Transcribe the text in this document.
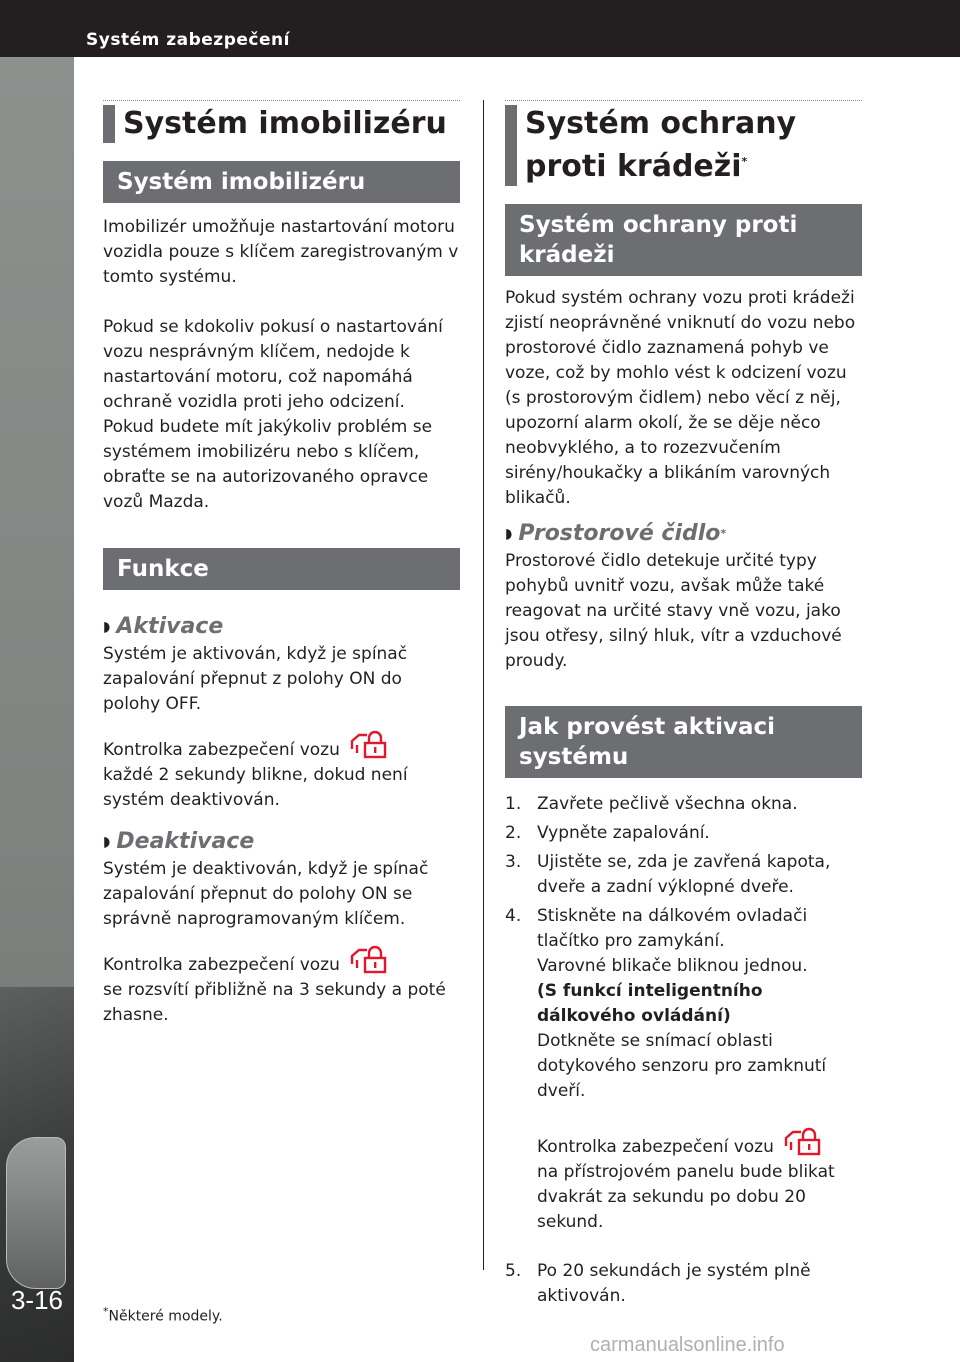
Systém zabezpečení
3-16
Systém imobilizéru
Systém imobilizéru

Imobilizér umožňuje nastartování motoru vozidla pouze s klíčem zaregistrovaným v tomto systému.

Pokud se kdokoliv pokusí o nastartování vozu nesprávným klíčem, nedojde k nastartování motoru, což napomáhá ochraně vozidla proti jeho odcizení. Pokud budete mít jakýkoliv problém se systémem imobilizéru nebo s klíčem, obraťte se na autorizovaného opravce vozů Mazda.

Funkce
◗ Aktivace

Systém je aktivován, když je spínač zapalování přepnut z polohy ON do polohy OFF.

Kontrolka zabezpečení vozu
každé 2 sekundy blikne, dokud není systém deaktivován.

◗ Deaktivace

Systém je deaktivován, když je spínač zapalování přepnut do polohy ON se správně naprogramovaným klíčem.

Kontrolka zabezpečení vozu
se rozsvítí přibližně na 3 sekundy a poté zhasne.

Systém ochrany proti krádeži*
Systém ochrany proti krádeži

Pokud systém ochrany vozu proti krádeži zjistí neoprávněné vniknutí do vozu nebo prostorové čidlo zaznamená pohyb ve voze, což by mohlo vést k odcizení vozu (s prostorovým čidlem) nebo věcí z něj, upozorní alarm okolí, že se děje něco neobvyklého, a to rozezvučením sirény/houkačky a blikáním varovných blikačů.

◗ Prostorové čidlo *

Prostorové čidlo detekuje určité typy pohybů uvnitř vozu, avšak může také reagovat na určité stavy vně vozu, jako jsou otřesy, silný hluk, vítr a vzduchové proudy.

Jak provést aktivaci systému
1. Zavřete pečlivě všechna okna.
2. Vypněte zapalování.
3. Ujistěte se, zda je zavřená kapota, dveře a zadní výklopné dveře.
4. Stiskněte na dálkovém ovladači tlačítko pro zamykání.
Varovné blikače bliknou jednou.
(S funkcí inteligentního dálkového ovládání)
Dotkněte se snímací oblasti dotykového senzoru pro zamknutí dveří.
Kontrolka zabezpečení vozu
na přístrojovém panelu bude blikat dvakrát za sekundu po dobu 20 sekund.
5. Po 20 sekundách je systém plně aktivován.
*Některé modely.
carmanualsonline.info
